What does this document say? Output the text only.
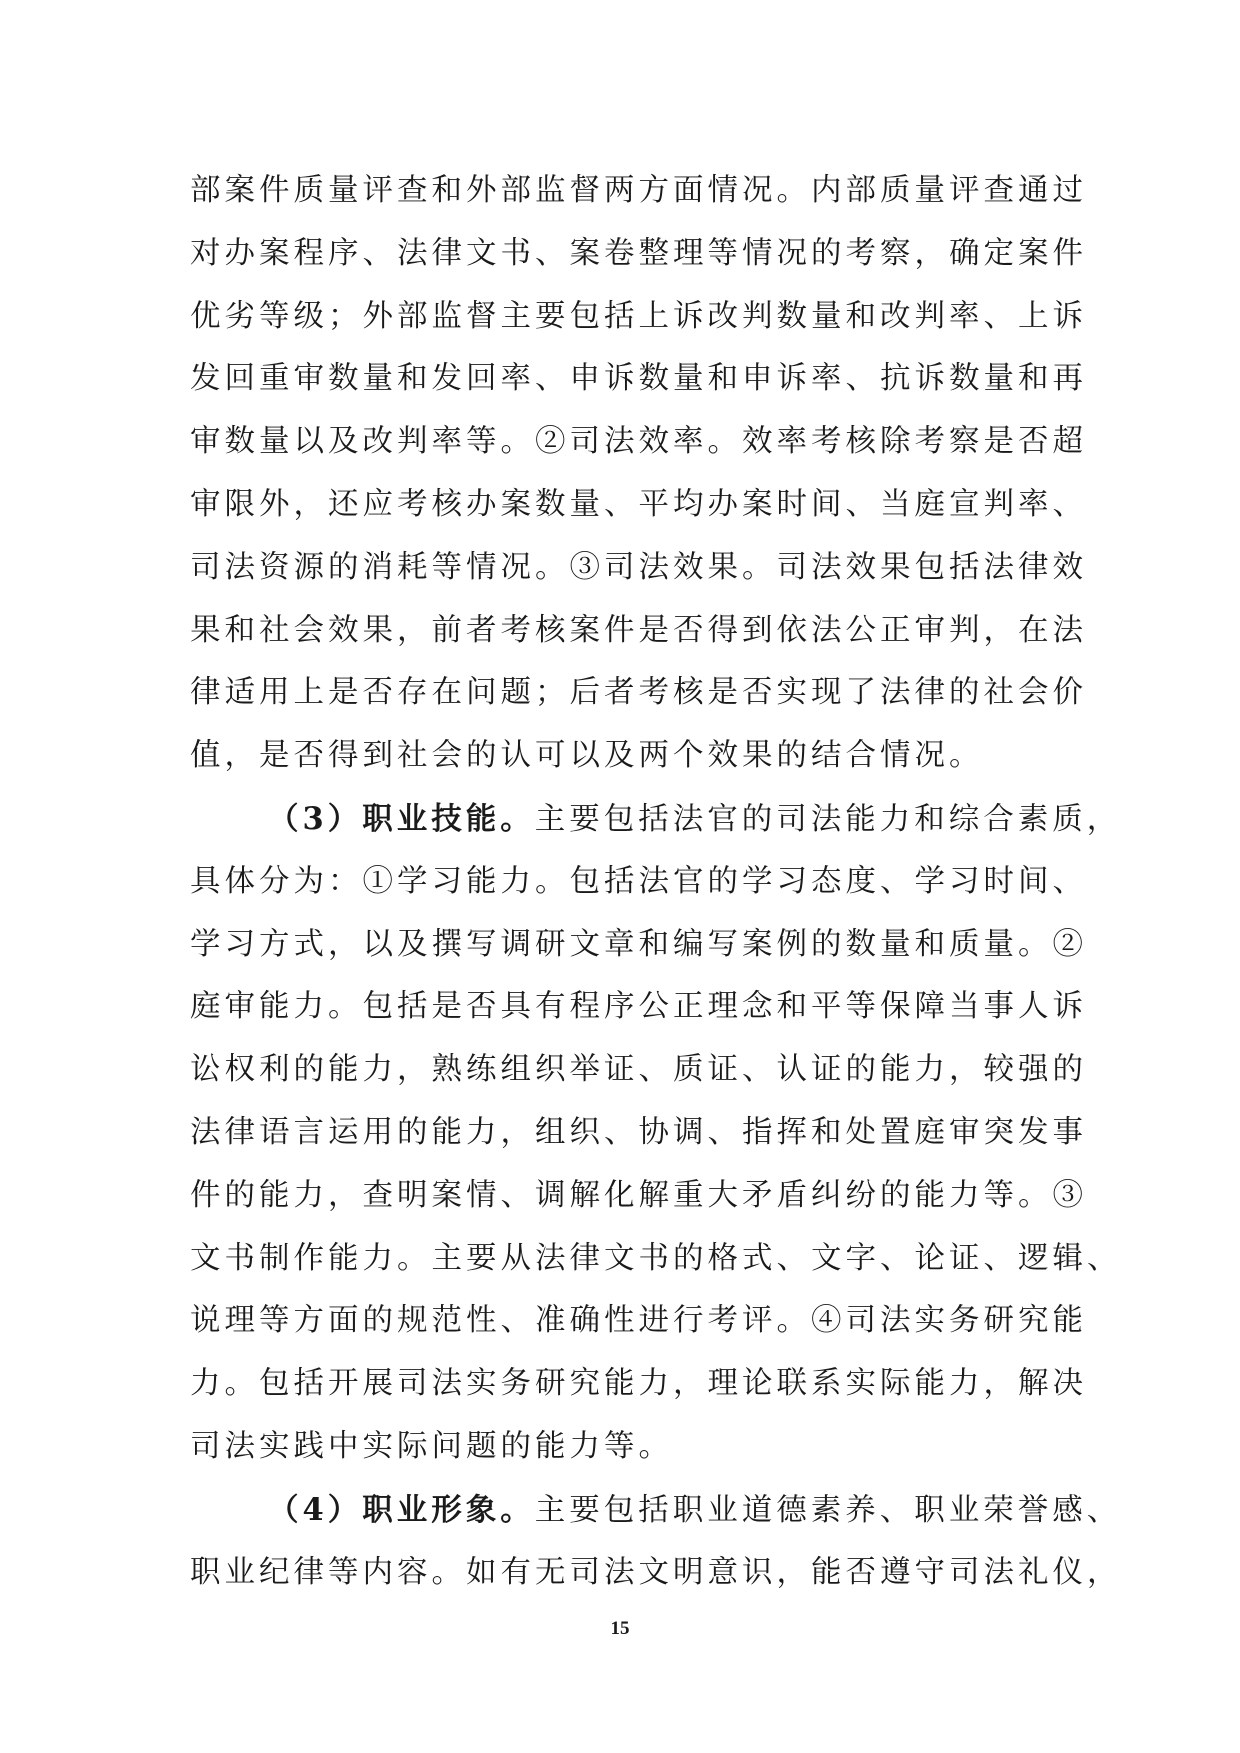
部案件质量评查和外部监督两方面情况。内部质量评查通过
对办案程序、法律文书、案卷整理等情况的考察，确定案件
优劣等级；外部监督主要包括上诉改判数量和改判率、上诉
发回重审数量和发回率、申诉数量和申诉率、抗诉数量和再
审数量以及改判率等。②司法效率。效率考核除考察是否超
审限外，还应考核办案数量、平均办案时间、当庭宣判率、
司法资源的消耗等情况。③司法效果。司法效果包括法律效
果和社会效果，前者考核案件是否得到依法公正审判，在法
律适用上是否存在问题；后者考核是否实现了法律的社会价
值，是否得到社会的认可以及两个效果的结合情况。
（3）职业技能。主要包括法官的司法能力和综合素质，
具体分为：①学习能力。包括法官的学习态度、学习时间、
学习方式，以及撰写调研文章和编写案例的数量和质量。②
庭审能力。包括是否具有程序公正理念和平等保障当事人诉
讼权利的能力，熟练组织举证、质证、认证的能力，较强的
法律语言运用的能力，组织、协调、指挥和处置庭审突发事
件的能力，查明案情、调解化解重大矛盾纠纷的能力等。③
文书制作能力。主要从法律文书的格式、文字、论证、逻辑、
说理等方面的规范性、准确性进行考评。④司法实务研究能
力。包括开展司法实务研究能力，理论联系实际能力，解决
司法实践中实际问题的能力等。
（4）职业形象。主要包括职业道德素养、职业荣誉感、
职业纪律等内容。如有无司法文明意识，能否遵守司法礼仪，
15
